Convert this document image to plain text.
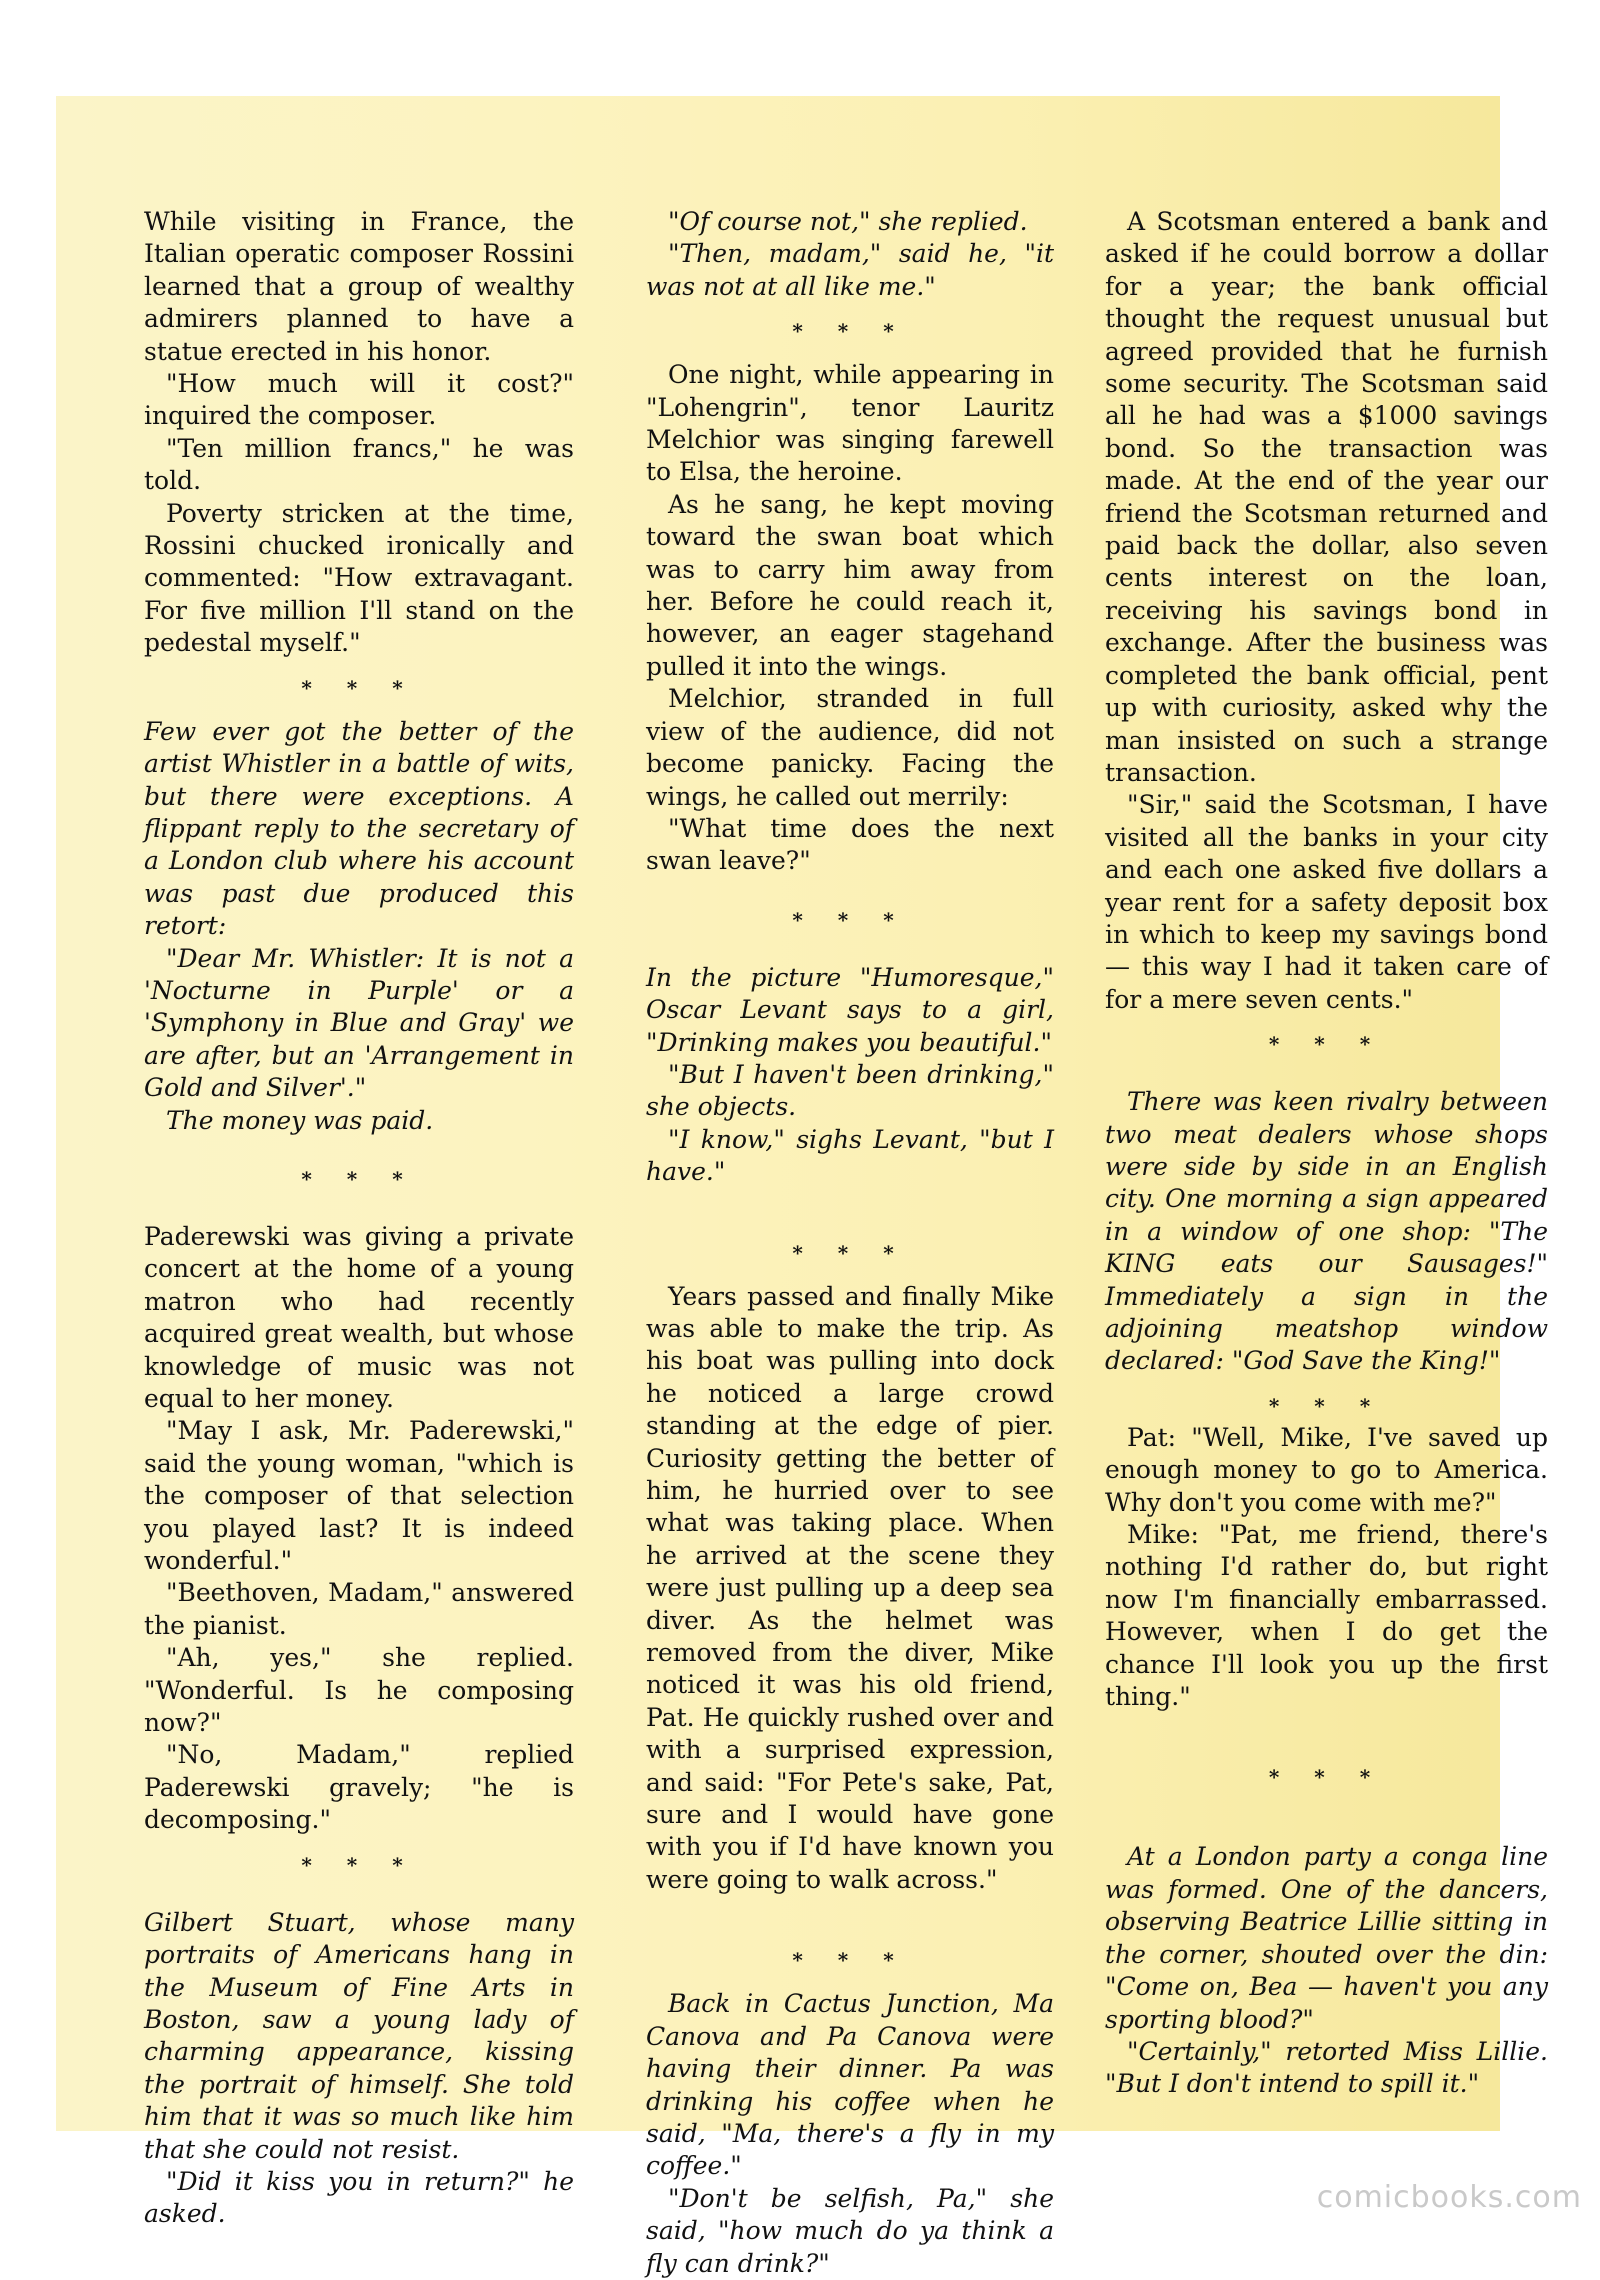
While visiting in France, the Italian operatic composer Rossini learned that a group of wealthy admirers planned to have a statue erected in his honor.

"How much will it cost?" inquired the composer.

"Ten million francs," he was told.

Poverty stricken at the time, Rossini chucked ironically and commented: "How extravagant. For five million I'll stand on the pedestal myself."

* * *

Few ever got the better of the artist Whistler in a battle of wits, but there were exceptions. A flippant reply to the secretary of a London club where his account was past due produced this retort:

"Dear Mr. Whistler: It is not a 'Nocturne in Purple' or a 'Symphony in Blue and Gray' we are after, but an 'Arrangement in Gold and Silver'."

The money was paid.

* * *

Paderewski was giving a private concert at the home of a young matron who had recently acquired great wealth, but whose knowledge of music was not equal to her money.

"May I ask, Mr. Paderewski," said the young woman, "which is the composer of that selection you played last? It is indeed wonderful."

"Beethoven, Madam," answered the pianist.

"Ah, yes," she replied. "Wonderful. Is he composing now?"

"No, Madam," replied Paderewski gravely; "he is decomposing."

* * *

Gilbert Stuart, whose many portraits of Americans hang in the Museum of Fine Arts in Boston, saw a young lady of charming appearance, kissing the portrait of himself. She told him that it was so much like him that she could not resist.

"Did it kiss you in return?" he asked.

"Of course not," she replied.

"Then, madam," said he, "it was not at all like me."

* * *

One night, while appearing in "Lohengrin", tenor Lauritz Melchior was singing farewell to Elsa, the heroine.

As he sang, he kept moving toward the swan boat which was to carry him away from her. Before he could reach it, however, an eager stagehand pulled it into the wings.

Melchior, stranded in full view of the audience, did not become panicky. Facing the wings, he called out merrily:

"What time does the next swan leave?"

* * *

In the picture "Humoresque," Oscar Levant says to a girl, "Drinking makes you beautiful."

"But I haven't been drinking," she objects.

"I know," sighs Levant, "but I have."

* * *

Years passed and finally Mike was able to make the trip. As his boat was pulling into dock he noticed a large crowd standing at the edge of pier. Curiosity getting the better of him, he hurried over to see what was taking place. When he arrived at the scene they were just pulling up a deep sea diver. As the helmet was removed from the diver, Mike noticed it was his old friend, Pat. He quickly rushed over and with a surprised expression, and said: "For Pete's sake, Pat, sure and I would have gone with you if I'd have known you were going to walk across."

* * *

Back in Cactus Junction, Ma Canova and Pa Canova were having their dinner. Pa was drinking his coffee when he said, "Ma, there's a fly in my coffee."

"Don't be selfish, Pa," she said, "how much do ya think a fly can drink?"

A Scotsman entered a bank and asked if he could borrow a dollar for a year; the bank official thought the request unusual but agreed provided that he furnish some security. The Scotsman said all he had was a $1000 savings bond. So the transaction was made. At the end of the year our friend the Scotsman returned and paid back the dollar, also seven cents interest on the loan, receiving his savings bond in exchange. After the business was completed the bank official, pent up with curiosity, asked why the man insisted on such a strange transaction.

"Sir," said the Scotsman, I have visited all the banks in your city and each one asked five dollars a year rent for a safety deposit box in which to keep my savings bond — this way I had it taken care of for a mere seven cents."

* * *

There was keen rivalry between two meat dealers whose shops were side by side in an English city. One morning a sign appeared in a window of one shop: "The KING eats our Sausages!" Immediately a sign in the adjoining meatshop window declared: "God Save the King!"

* * *

Pat: "Well, Mike, I've saved up enough money to go to America. Why don't you come with me?"

Mike: "Pat, me friend, there's nothing I'd rather do, but right now I'm financially embarrassed. However, when I do get the chance I'll look you up the first thing."

* * *

At a London party a conga line was formed. One of the dancers, observing Beatrice Lillie sitting in the corner, shouted over the din: "Come on, Bea — haven't you any sporting blood?"

"Certainly," retorted Miss Lillie. "But I don't intend to spill it."

comicbooks.com
